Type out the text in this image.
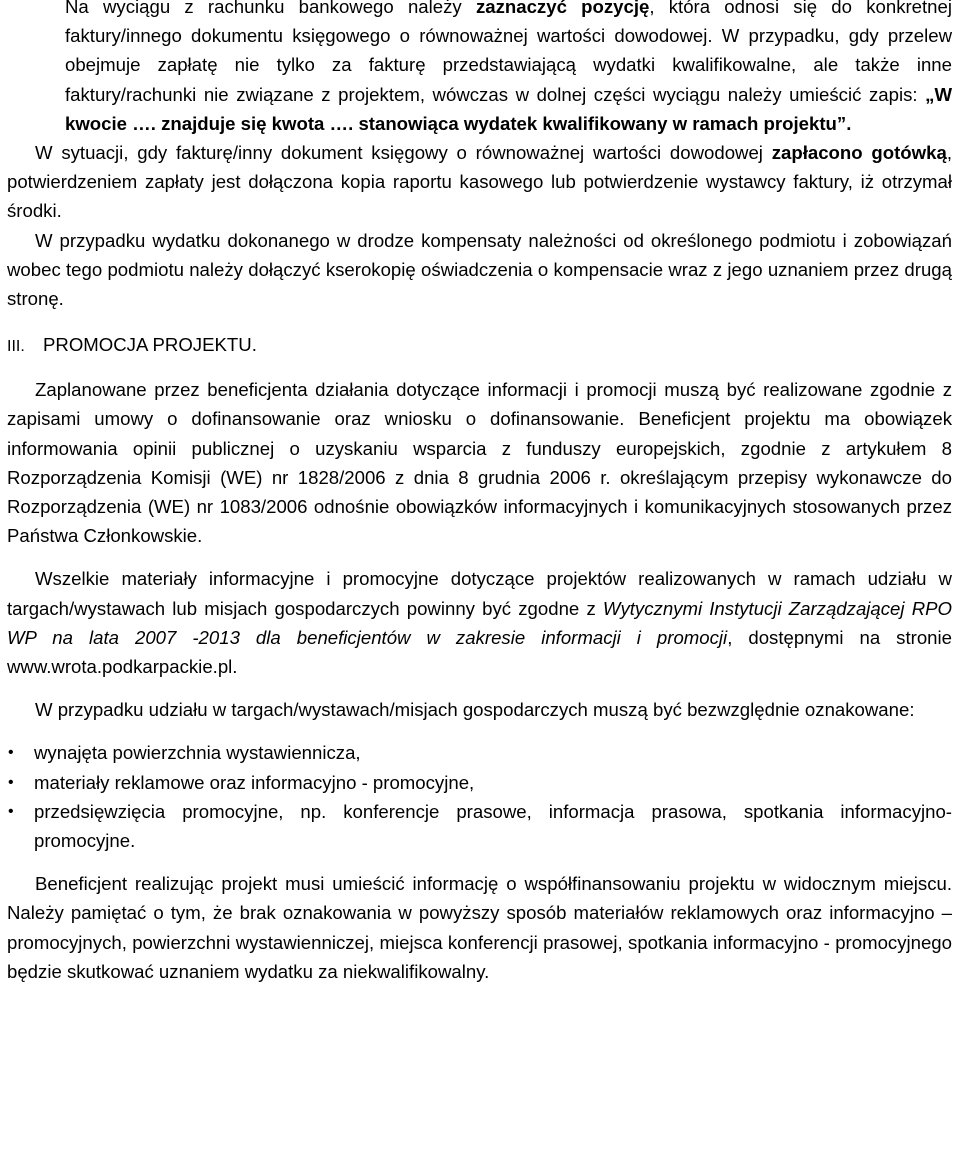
Na wyciągu z rachunku bankowego należy zaznaczyć pozycję, która odnosi się do konkretnej faktury/innego dokumentu księgowego o równoważnej wartości dowodowej. W przypadku, gdy przelew obejmuje zapłatę nie tylko za fakturę przedstawiającą wydatki kwalifikowalne, ale także inne faktury/rachunki nie związane z projektem, wówczas w dolnej części wyciągu należy umieścić zapis: „W kwocie …. znajduje się kwota …. stanowiąca wydatek kwalifikowany w ramach projektu”.

W sytuacji, gdy fakturę/inny dokument księgowy o równoważnej wartości dowodowej zapłacono gotówką, potwierdzeniem zapłaty jest dołączona kopia raportu kasowego lub potwierdzenie wystawcy faktury, iż otrzymał środki.

W przypadku wydatku dokonanego w drodze kompensaty należności od określonego podmiotu i zobowiązań wobec tego podmiotu należy dołączyć kserokopię oświadczenia o kompensacie wraz z jego uznaniem przez drugą stronę.

III. PROMOCJA PROJEKTU.

Zaplanowane przez beneficjenta działania dotyczące informacji i promocji muszą być realizowane zgodnie z zapisami umowy o dofinansowanie oraz wniosku o dofinansowanie. Beneficjent projektu ma obowiązek informowania opinii publicznej o uzyskaniu wsparcia z funduszy europejskich, zgodnie z artykułem 8 Rozporządzenia Komisji (WE) nr 1828/2006 z dnia 8 grudnia 2006 r. określającym przepisy wykonawcze do Rozporządzenia (WE) nr 1083/2006 odnośnie obowiązków informacyjnych i komunikacyjnych stosowanych przez Państwa Członkowskie.

Wszelkie materiały informacyjne i promocyjne dotyczące projektów realizowanych w ramach udziału w targach/wystawach lub misjach gospodarczych powinny być zgodne z Wytycznymi Instytucji Zarządzającej RPO WP na lata 2007 -2013 dla beneficjentów w zakresie informacji i promocji, dostępnymi na stronie www.wrota.podkarpackie.pl.

W przypadku udziału w targach/wystawach/misjach gospodarczych muszą być bezwzględnie oznakowane:

• wynajęta powierzchnia wystawiennicza,
• materiały reklamowe oraz informacyjno - promocyjne,
• przedsięwzięcia promocyjne, np. konferencje prasowe, informacja prasowa, spotkania informacyjno-promocyjne.

Beneficjent realizując projekt musi umieścić informację o współfinansowaniu projektu w widocznym miejscu. Należy pamiętać o tym, że brak oznakowania w powyższy sposób materiałów reklamowych oraz informacyjno – promocyjnych, powierzchni wystawienniczej, miejsca konferencji prasowej, spotkania informacyjno - promocyjnego będzie skutkować uznaniem wydatku za niekwalifikowalny.
